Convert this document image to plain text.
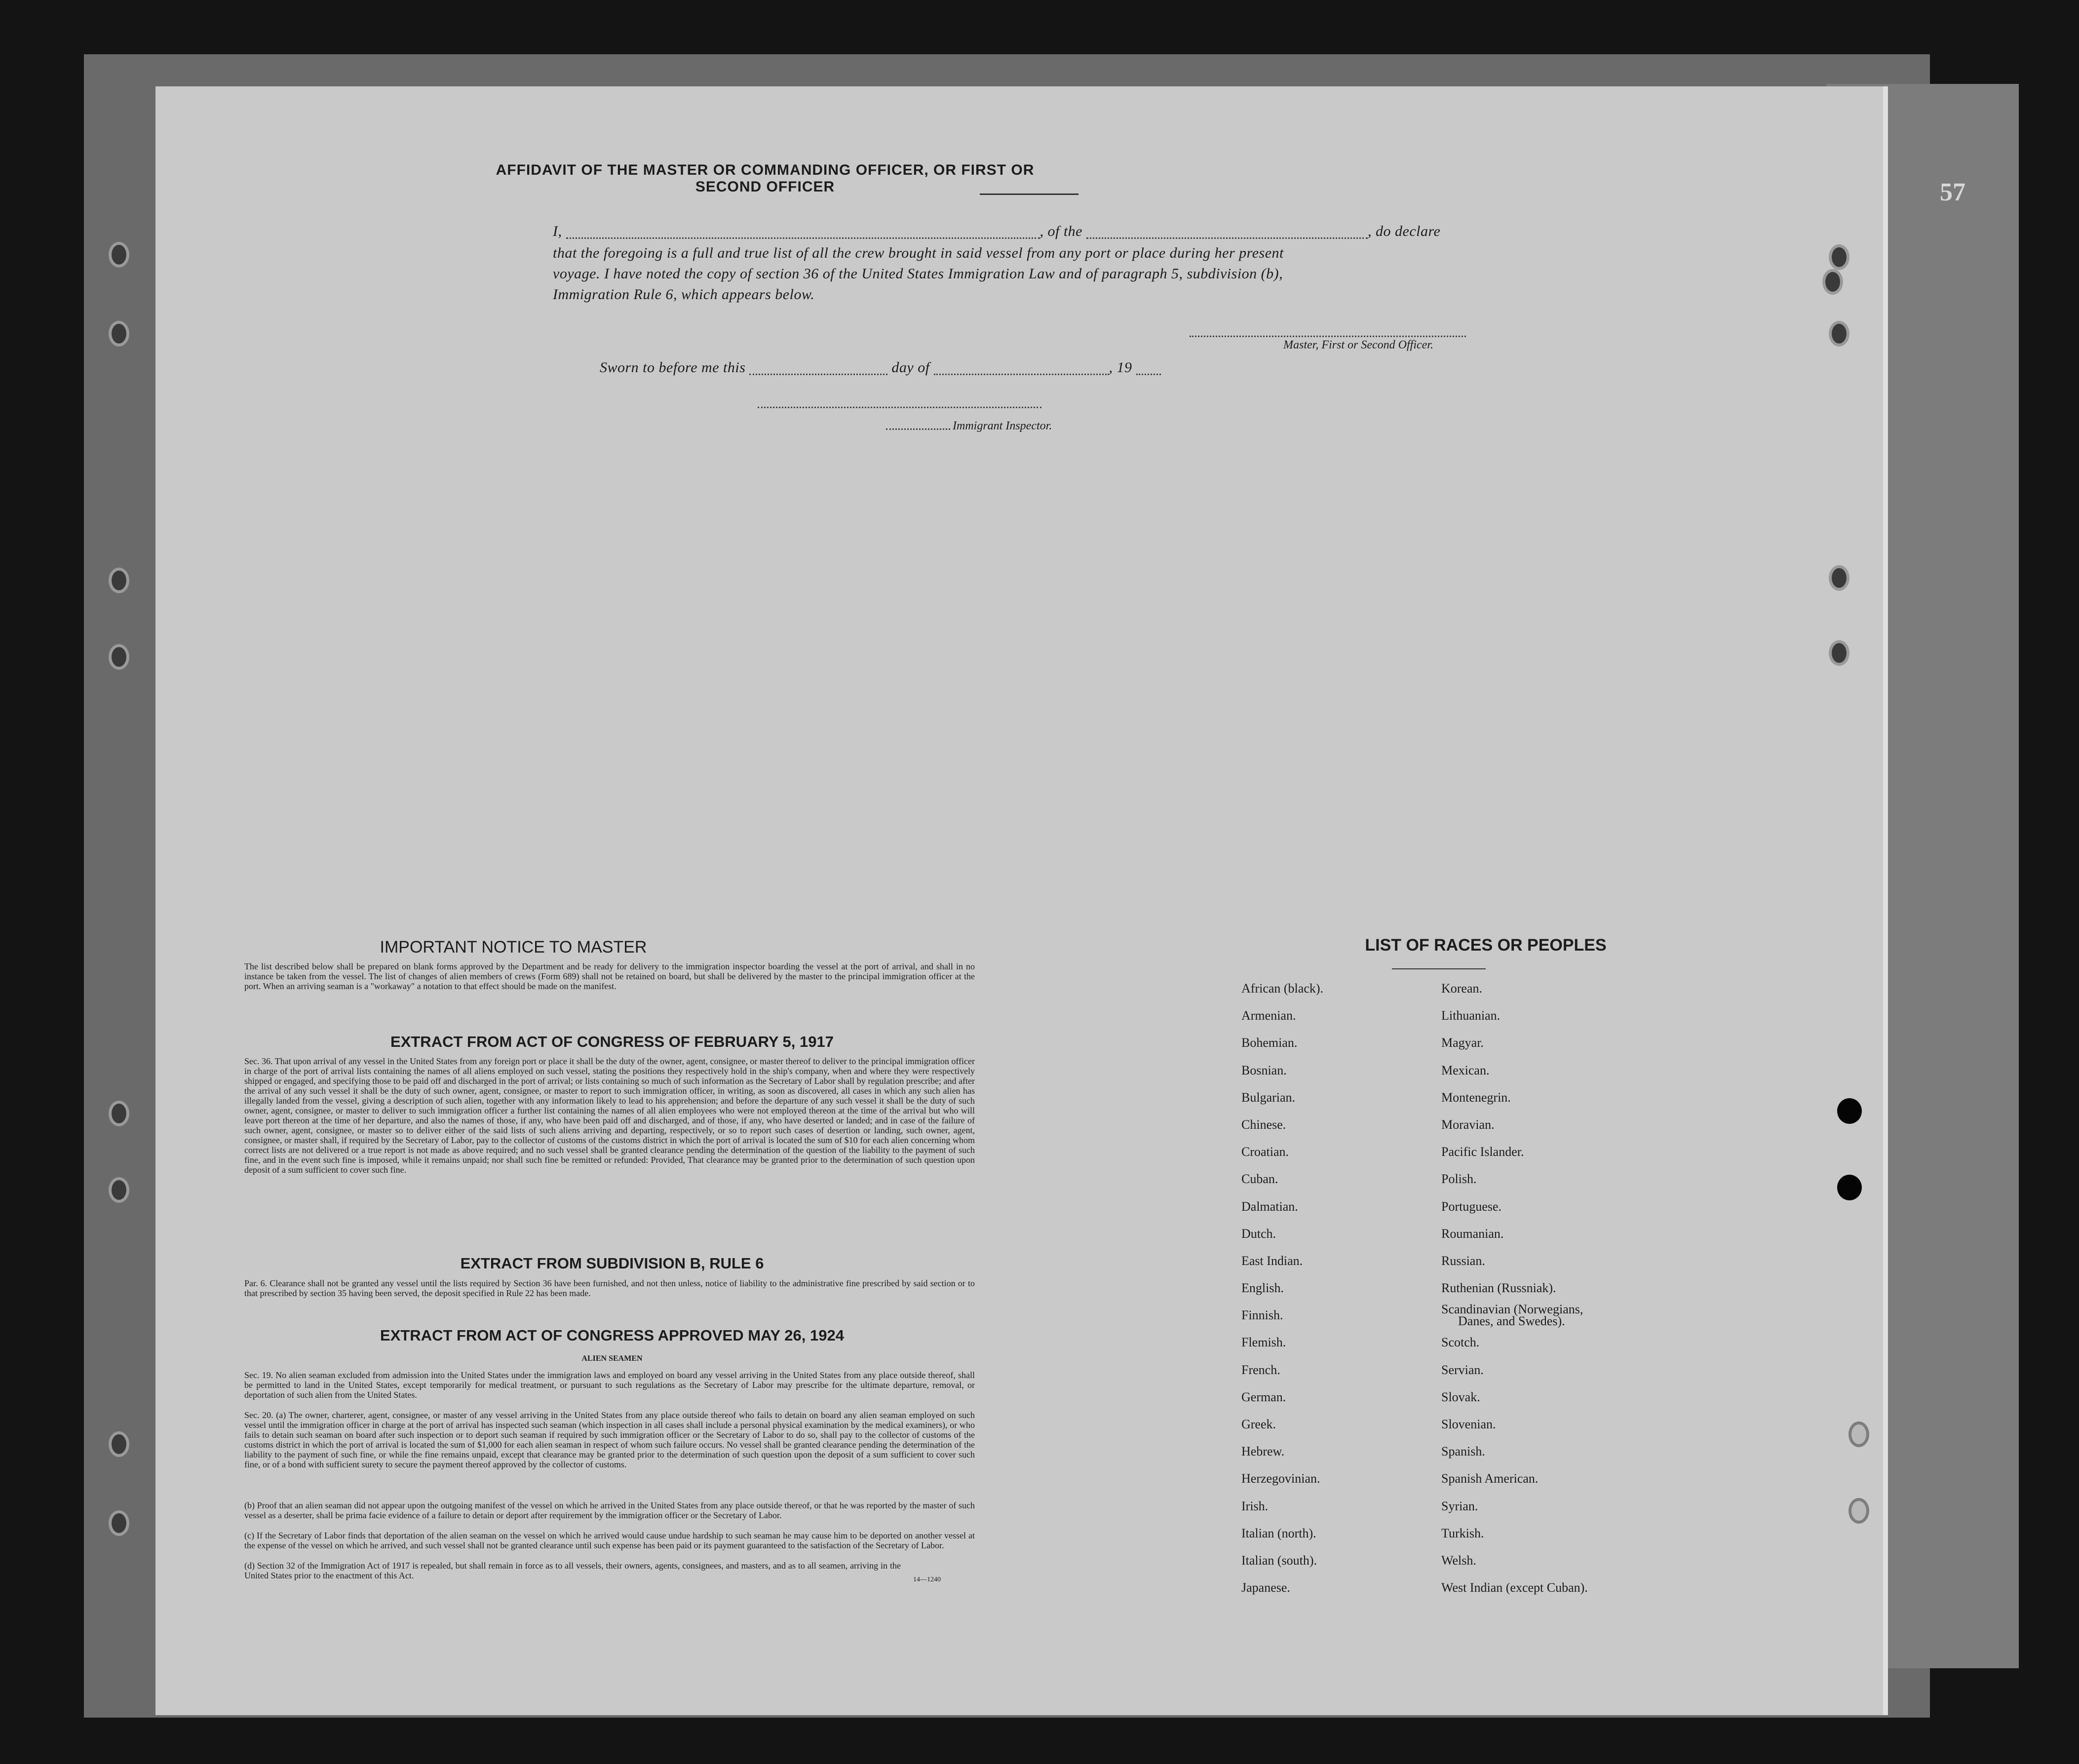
57
AFFIDAVIT OF THE MASTER OR COMMANDING OFFICER, OR FIRST OR SECOND OFFICER
I,	, of the	, do declare
that the foregoing is a full and true list of all the crew brought in said vessel from any port or place during her present
voyage. I have noted the copy of section 36 of the United States Immigration Law and of paragraph 5, subdivision (b),
Immigration Rule 6, which appears below.
Master, First or Second Officer.
Sworn to before me this	day of	, 19
Immigrant Inspector.
IMPORTANT NOTICE TO MASTER
The list described below shall be prepared on blank forms approved by the Department and be ready for delivery to the immigration inspector boarding the vessel at the port of arrival, and shall in no instance be taken from the vessel. The list of changes of alien members of crews (Form 689) shall not be retained on board, but shall be delivered by the master to the principal immigration officer at the port. When an arriving seaman is a "workaway" a notation to that effect should be made on the manifest.
EXTRACT FROM ACT OF CONGRESS OF FEBRUARY 5, 1917
Sec. 36. That upon arrival of any vessel in the United States from any foreign port or place it shall be the duty of the owner, agent, consignee, or master thereof to deliver to the principal immigration officer in charge of the port of arrival lists containing the names of all aliens employed on such vessel, stating the positions they respectively hold in the ship's company, when and where they were respectively shipped or engaged, and specifying those to be paid off and discharged in the port of arrival; or lists containing so much of such information as the Secretary of Labor shall by regulation prescribe; and after the arrival of any such vessel it shall be the duty of such owner, agent, consignee, or master to report to such immigration officer, in writing, as soon as discovered, all cases in which any such alien has illegally landed from the vessel, giving a description of such alien, together with any information likely to lead to his apprehension; and before the departure of any such vessel it shall be the duty of such owner, agent, consignee, or master to deliver to such immigration officer a further list containing the names of all alien employees who were not employed thereon at the time of the arrival but who will leave port thereon at the time of her departure, and also the names of those, if any, who have been paid off and discharged, and of those, if any, who have deserted or landed; and in case of the failure of such owner, agent, consignee, or master so to deliver either of the said lists of such aliens arriving and departing, respectively, or so to report such cases of desertion or landing, such owner, agent, consignee, or master shall, if required by the Secretary of Labor, pay to the collector of customs of the customs district in which the port of arrival is located the sum of $10 for each alien concerning whom correct lists are not delivered or a true report is not made as above required; and no such vessel shall be granted clearance pending the determination of the question of the liability to the payment of such fine, and in the event such fine is imposed, while it remains unpaid; nor shall such fine be remitted or refunded: Provided, That clearance may be granted prior to the determination of such question upon deposit of a sum sufficient to cover such fine.
EXTRACT FROM SUBDIVISION B, RULE 6
Par. 6. Clearance shall not be granted any vessel until the lists required by Section 36 have been furnished, and not then unless, notice of liability to the administrative fine prescribed by said section or to that prescribed by section 35 having been served, the deposit specified in Rule 22 has been made.
EXTRACT FROM ACT OF CONGRESS APPROVED MAY 26, 1924
ALIEN SEAMEN
Sec. 19. No alien seaman excluded from admission into the United States under the immigration laws and employed on board any vessel arriving in the United States from any place outside thereof, shall be permitted to land in the United States, except temporarily for medical treatment, or pursuant to such regulations as the Secretary of Labor may prescribe for the ultimate departure, removal, or deportation of such alien from the United States.
Sec. 20. (a) The owner, charterer, agent, consignee, or master of any vessel arriving in the United States from any place outside thereof who fails to detain on board any alien seaman employed on such vessel until the immigration officer in charge at the port of arrival has inspected such seaman (which inspection in all cases shall include a personal physical examination by the medical examiners), or who fails to detain such seaman on board after such inspection or to deport such seaman if required by such immigration officer or the Secretary of Labor to do so, shall pay to the collector of customs of the customs district in which the port of arrival is located the sum of $1,000 for each alien seaman in respect of whom such failure occurs. No vessel shall be granted clearance pending the determination of the liability to the payment of such fine, or while the fine remains unpaid, except that clearance may be granted prior to the determination of such question upon the deposit of a sum sufficient to cover such fine, or of a bond with sufficient surety to secure the payment thereof approved by the collector of customs.
(b) Proof that an alien seaman did not appear upon the outgoing manifest of the vessel on which he arrived in the United States from any place outside thereof, or that he was reported by the master of such vessel as a deserter, shall be prima facie evidence of a failure to detain or deport after requirement by the immigration officer or the Secretary of Labor.
(c) If the Secretary of Labor finds that deportation of the alien seaman on the vessel on which he arrived would cause undue hardship to such seaman he may cause him to be deported on another vessel at the expense of the vessel on which he arrived, and such vessel shall not be granted clearance until such expense has been paid or its payment guaranteed to the satisfaction of the Secretary of Labor.
(d) Section 32 of the Immigration Act of 1917 is repealed, but shall remain in force as to all vessels, their owners, agents, consignees, and masters, and as to all seamen, arriving in the United States prior to the enactment of this Act.	14—1240
LIST OF RACES OR PEOPLES
African (black).
Armenian.
Bohemian.
Bosnian.
Bulgarian.
Chinese.
Croatian.
Cuban.
Dalmatian.
Dutch.
East Indian.
English.
Finnish.
Flemish.
French.
German.
Greek.
Hebrew.
Herzegovinian.
Irish.
Italian (north).
Italian (south).
Japanese.
Korean.
Lithuanian.
Magyar.
Mexican.
Montenegrin.
Moravian.
Pacific Islander.
Polish.
Portuguese.
Roumanian.
Russian.
Ruthenian (Russniak).
Scandinavian (Norwegians,
Danes, and Swedes).
Scotch.
Servian.
Slovak.
Slovenian.
Spanish.
Spanish American.
Syrian.
Turkish.
Welsh.
West Indian (except Cuban).
